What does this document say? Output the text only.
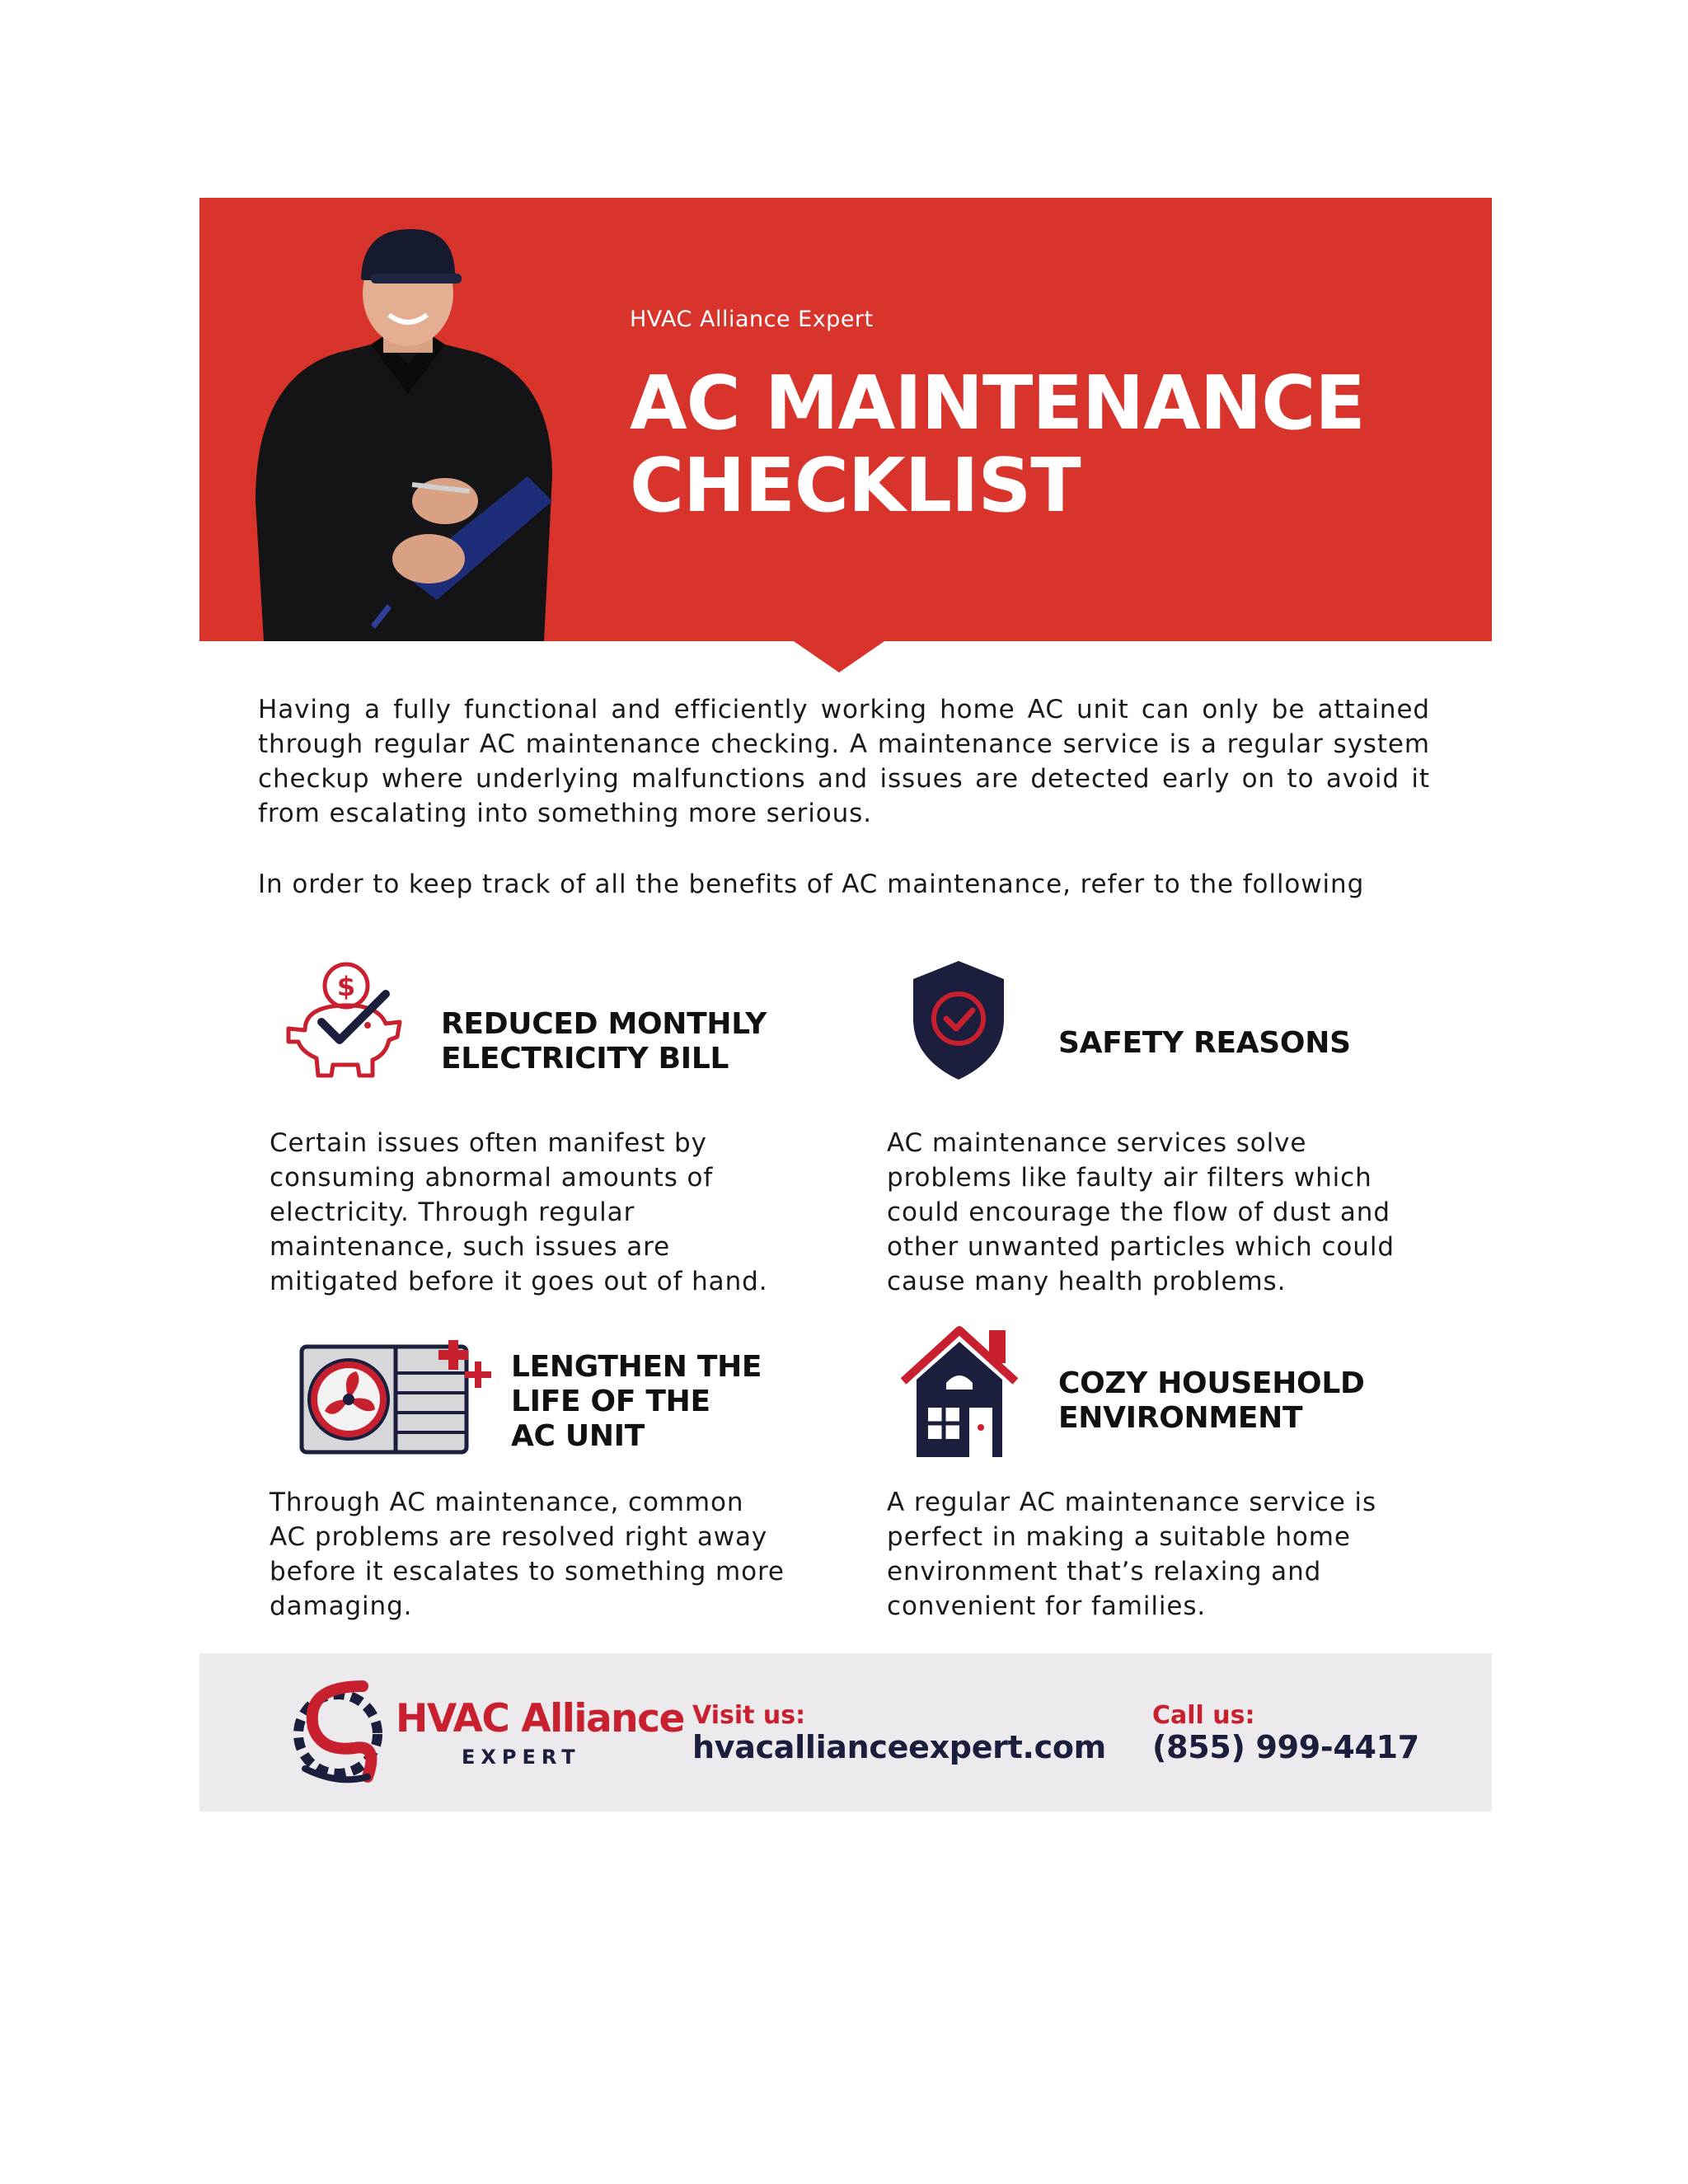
HVAC Alliance Expert
AC MAINTENANCE
CHECKLIST

Having a fully functional and efficiently working home AC unit can only be attained through regular AC maintenance checking. A maintenance service is a regular system checkup where underlying malfunctions and issues are detected early on to avoid it from escalating into something more serious.

In order to keep track of all the benefits of AC maintenance, refer to the following

$
REDUCED MONTHLY
ELECTRICITY BILL
Certain issues often manifest by
consuming abnormal amounts of
electricity. Through regular
maintenance, such issues are
mitigated before it goes out of hand.
SAFETY REASONS
AC maintenance services solve
problems like faulty air filters which
could encourage the flow of dust and
other unwanted particles which could
cause many health problems.
LENGTHEN THE
LIFE OF THE
AC UNIT
Through AC maintenance, common
AC problems are resolved right away
before it escalates to something more
damaging.
COZY HOUSEHOLD
ENVIRONMENT
A regular AC maintenance service is
perfect in making a suitable home
environment that’s relaxing and
convenient for families.
HVAC Alliance
EXPERT
Visit us:
hvacallianceexpert.com
Call us:
(855) 999-4417
